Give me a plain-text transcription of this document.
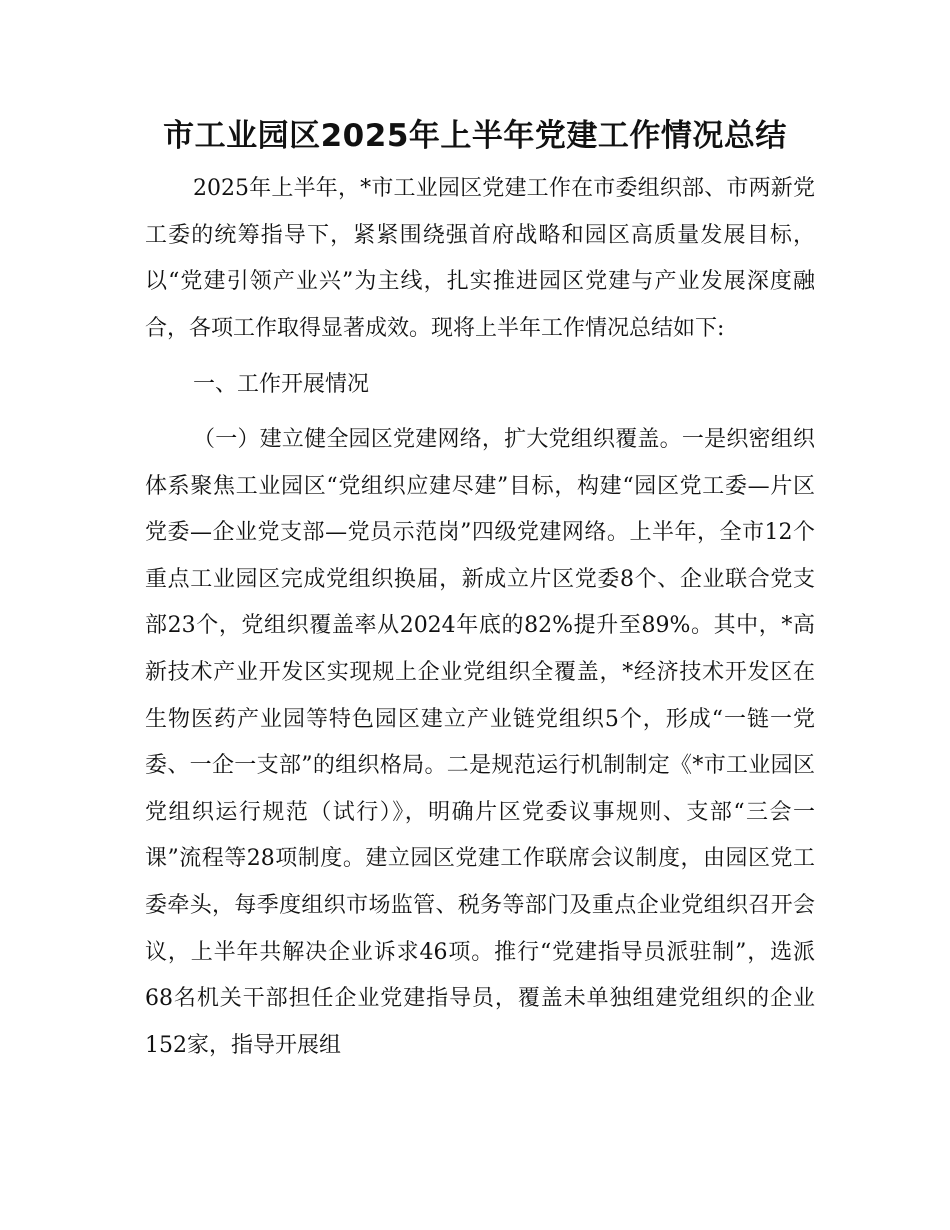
市工业园区2025年上半年党建工作情况总结

2025年上半年，*市工业园区党建工作在市委组织部、市两新党工委的统筹指导下，紧紧围绕强首府战略和园区高质量发展目标，以“党建引领产业兴”为主线，扎实推进园区党建与产业发展深度融合，各项工作取得显著成效。现将上半年工作情况总结如下:

一、工作开展情况

（一）建立健全园区党建网络，扩大党组织覆盖。一是织密组织体系聚焦工业园区“党组织应建尽建”目标，构建“园区党工委—片区党委—企业党支部—党员示范岗”四级党建网络。上半年，全市12个重点工业园区完成党组织换届，新成立片区党委8个、企业联合党支部23个，党组织覆盖率从2024年底的82%提升至89%。其中，*高新技术产业开发区实现规上企业党组织全覆盖，*经济技术开发区在生物医药产业园等特色园区建立产业链党组织5个，形成“一链一党委、一企一支部”的组织格局。二是规范运行机制制定《*市工业园区党组织运行规范（试行）》，明确片区党委议事规则、支部“三会一课”流程等28项制度。建立园区党建工作联席会议制度，由园区党工委牵头，每季度组织市场监管、税务等部门及重点企业党组织召开会议，上半年共解决企业诉求46项。推行“党建指导员派驻制”，选派68名机关干部担任企业党建指导员，覆盖未单独组建党组织的企业152家，指导开展组
